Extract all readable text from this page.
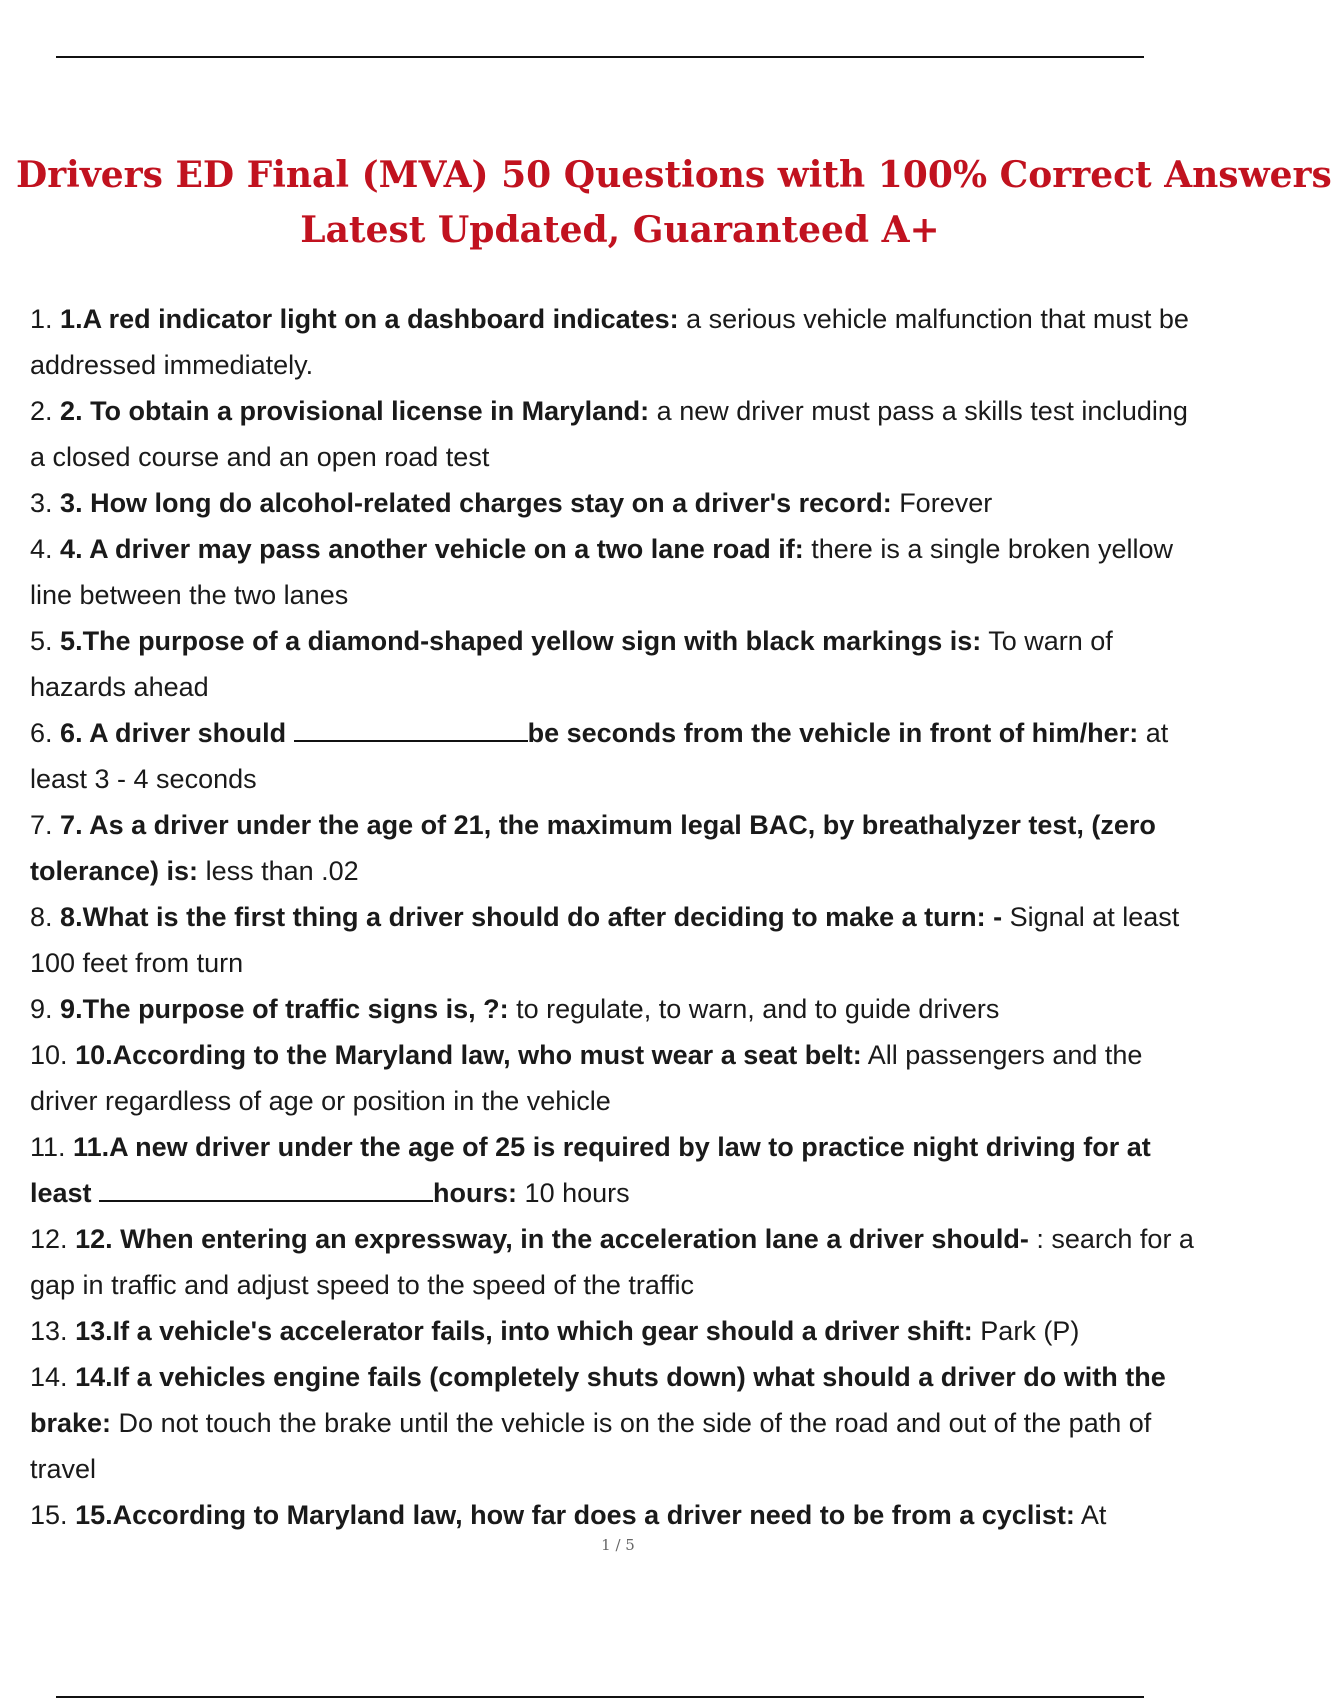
Drivers ED Final (MVA) 50 Questions with 100% Correct Answers
Latest Updated, Guaranteed A+
1. 1.A red indicator light on a dashboard indicates: a serious vehicle malfunction that must be addressed immediately.
2. 2. To obtain a provisional license in Maryland: a new driver must pass a skills test including a closed course and an open road test
3. 3. How long do alcohol-related charges stay on a driver's record: Forever
4. 4. A driver may pass another vehicle on a two lane road if: there is a single broken yellow line between the two lanes
5. 5.The purpose of a diamond-shaped yellow sign with black markings is: To warn of hazards ahead
6. 6. A driver should	be seconds from the vehicle in front of him/her: at least 3 - 4 seconds
7. 7. As a driver under the age of 21, the maximum legal BAC, by breathalyzer test, (zero tolerance) is: less than .02
8. 8.What is the first thing a driver should do after deciding to make a turn: - Signal at least 100 feet from turn
9. 9.The purpose of traffic signs is, ?: to regulate, to warn, and to guide drivers
10. 10.According to the Maryland law, who must wear a seat belt: All passengers and the driver regardless of age or position in the vehicle
11. 11.A new driver under the age of 25 is required by law to practice night driving for at least	hours: 10 hours
12. 12. When entering an expressway, in the acceleration lane a driver should- : search for a gap in traffic and adjust speed to the speed of the traffic
13. 13.If a vehicle's accelerator fails, into which gear should a driver shift: Park (P)
14. 14.If a vehicles engine fails (completely shuts down) what should a driver do with the brake: Do not touch the brake until the vehicle is on the side of the road and out of the path of travel
15. 15.According to Maryland law, how far does a driver need to be from a cyclist: At
1 / 5
